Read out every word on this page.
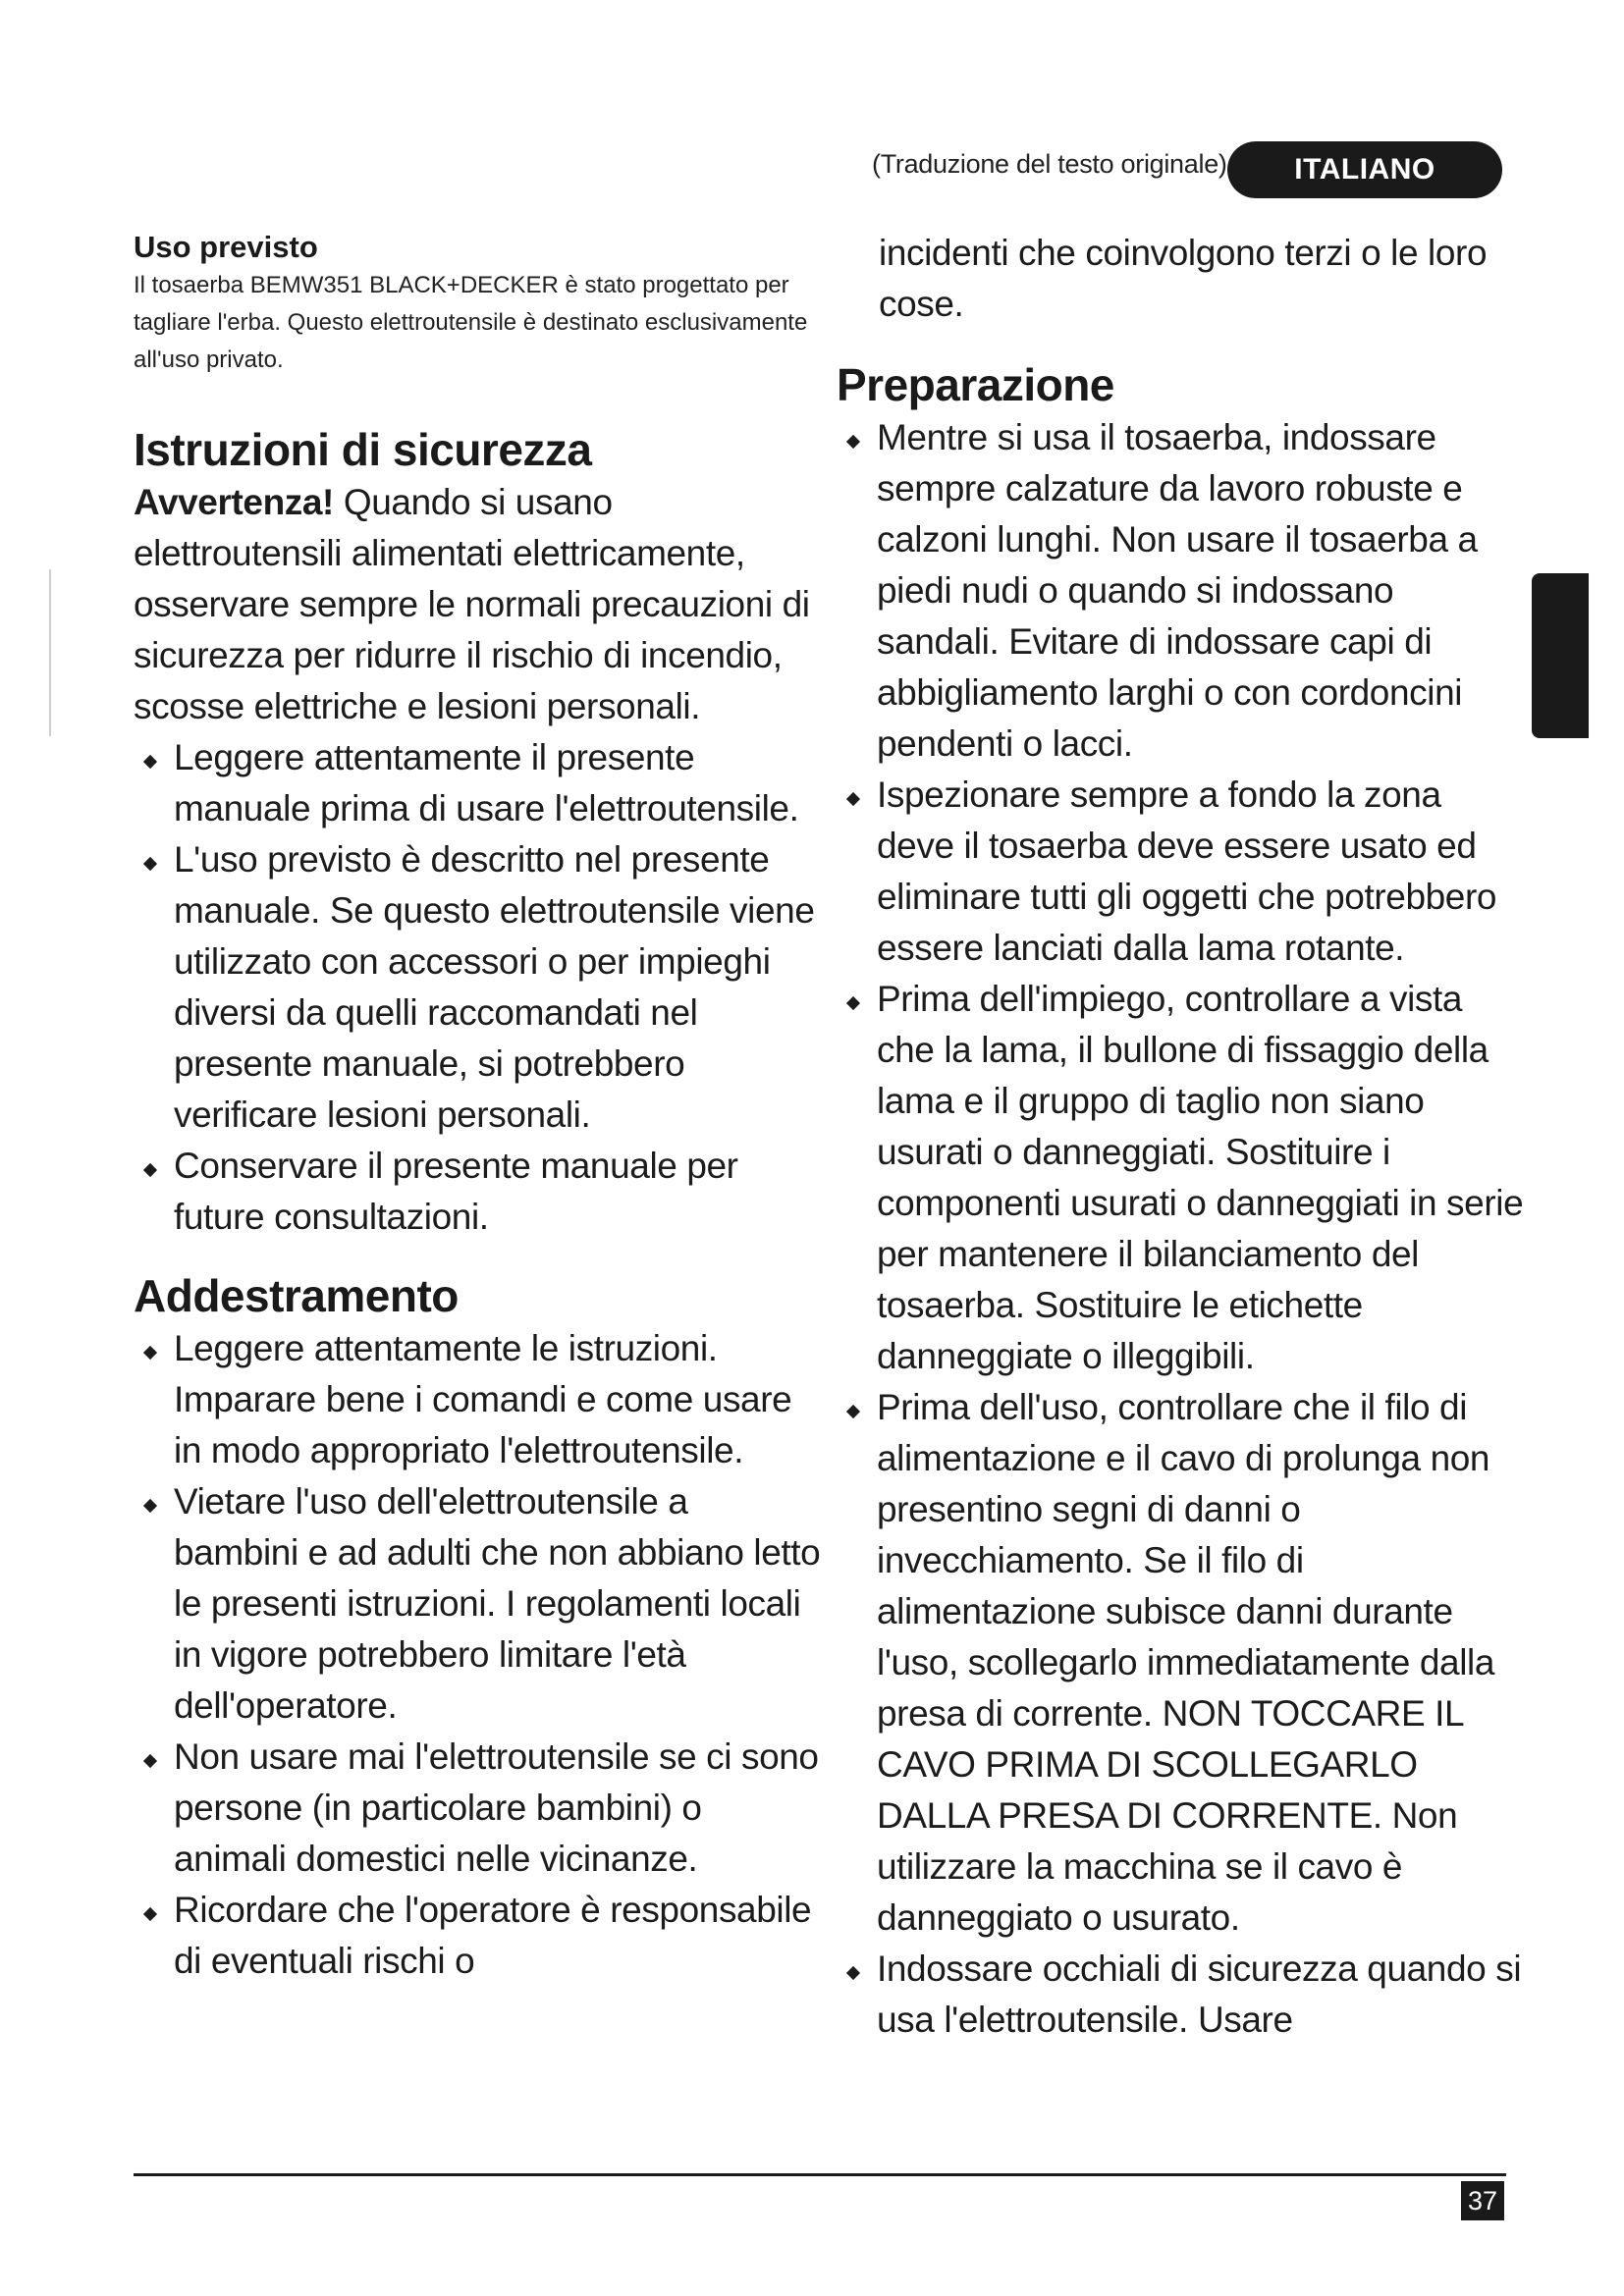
(Traduzione del testo originale)	ITALIANO
Uso previsto

Il tosaerba BEMW351 BLACK+DECKER è stato progettato per tagliare l'erba. Questo elettroutensile è destinato esclusivamente all'uso privato.

Istruzioni di sicurezza

Avvertenza! Quando si usano elettroutensili alimentati elettricamente, osservare sempre le normali precauzioni di sicurezza per ridurre il rischio di incendio, scosse elettriche e lesioni personali.

Leggere attentamente il presente manuale prima di usare l'elettroutensile.
L'uso previsto è descritto nel presente manuale. Se questo elettroutensile viene utilizzato con accessori o per impieghi diversi da quelli raccomandati nel presente manuale, si potrebbero verificare lesioni personali.
Conservare il presente manuale per future consultazioni.
Addestramento
Leggere attentamente le istruzioni. Imparare bene i comandi e come usare in modo appropriato l'elettroutensile.
Vietare l'uso dell'elettroutensile a bambini e ad adulti che non abbiano letto le presenti istruzioni. I regolamenti locali in vigore potrebbero limitare l'età dell'operatore.
Non usare mai l'elettroutensile se ci sono persone (in particolare bambini) o animali domestici nelle vicinanze.
Ricordare che l'operatore è responsabile di eventuali rischi o

incidenti che coinvolgono terzi o le loro cose.

Preparazione
Mentre si usa il tosaerba, indossare sempre calzature da lavoro robuste e calzoni lunghi. Non usare il tosaerba a piedi nudi o quando si indossano sandali. Evitare di indossare capi di abbigliamento larghi o con cordoncini pendenti o lacci.
Ispezionare sempre a fondo la zona deve il tosaerba deve essere usato ed eliminare tutti gli oggetti che potrebbero essere lanciati dalla lama rotante.
Prima dell'impiego, controllare a vista che la lama, il bullone di fissaggio della lama e il gruppo di taglio non siano usurati o danneggiati. Sostituire i componenti usurati o danneggiati in serie per mantenere il bilanciamento del tosaerba. Sostituire le etichette danneggiate o illeggibili.
Prima dell'uso, controllare che il filo di alimentazione e il cavo di prolunga non presentino segni di danni o invecchiamento. Se il filo di alimentazione subisce danni durante l'uso, scollegarlo immediatamente dalla presa di corrente. NON TOCCARE IL CAVO PRIMA DI SCOLLEGARLO DALLA PRESA DI CORRENTE. Non utilizzare la macchina se il cavo è danneggiato o usurato.
Indossare occhiali di sicurezza quando si usa l'elettroutensile. Usare
37
